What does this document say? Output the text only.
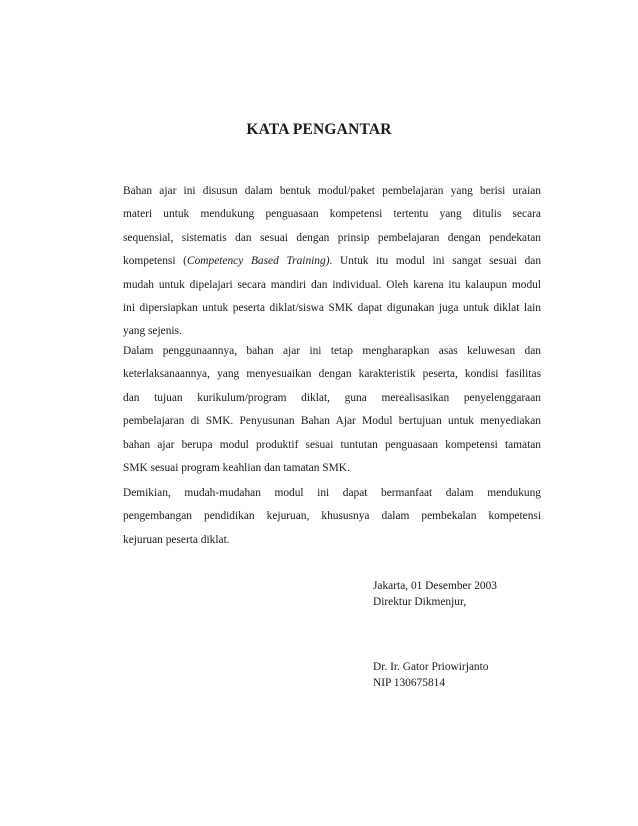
KATA PENGANTAR
Bahan ajar ini disusun dalam bentuk modul/paket pembelajaran yang berisi uraian
materi untuk mendukung penguasaan kompetensi tertentu yang ditulis secara
sequensial, sistematis dan sesuai dengan prinsip pembelajaran dengan pendekatan
kompetensi (Competency Based Training). Untuk itu modul ini sangat sesuai dan
mudah untuk dipelajari secara mandiri dan individual. Oleh karena itu kalaupun modul
ini dipersiapkan untuk peserta diklat/siswa SMK dapat digunakan juga untuk diklat lain
yang sejenis.
Dalam penggunaannya, bahan ajar ini tetap mengharapkan asas keluwesan dan
keterlaksanaannya, yang menyesuaikan dengan karakteristik peserta, kondisi fasilitas
dan tujuan kurikulum/program diklat, guna merealisasikan penyelenggaraan
pembelajaran di SMK. Penyusunan Bahan Ajar Modul bertujuan untuk menyediakan
bahan ajar berupa modul produktif sesuai tuntutan penguasaan kompetensi tamatan
SMK sesuai program keahlian dan tamatan SMK.
Demikian, mudah-mudahan modul ini dapat bermanfaat dalam mendukung
pengembangan pendidikan kejuruan, khususnya dalam pembekalan kompetensi
kejuruan peserta diklat.
Jakarta, 01 Desember 2003
Direktur Dikmenjur,
Dr. Ir. Gator Priowirjanto
NIP 130675814
